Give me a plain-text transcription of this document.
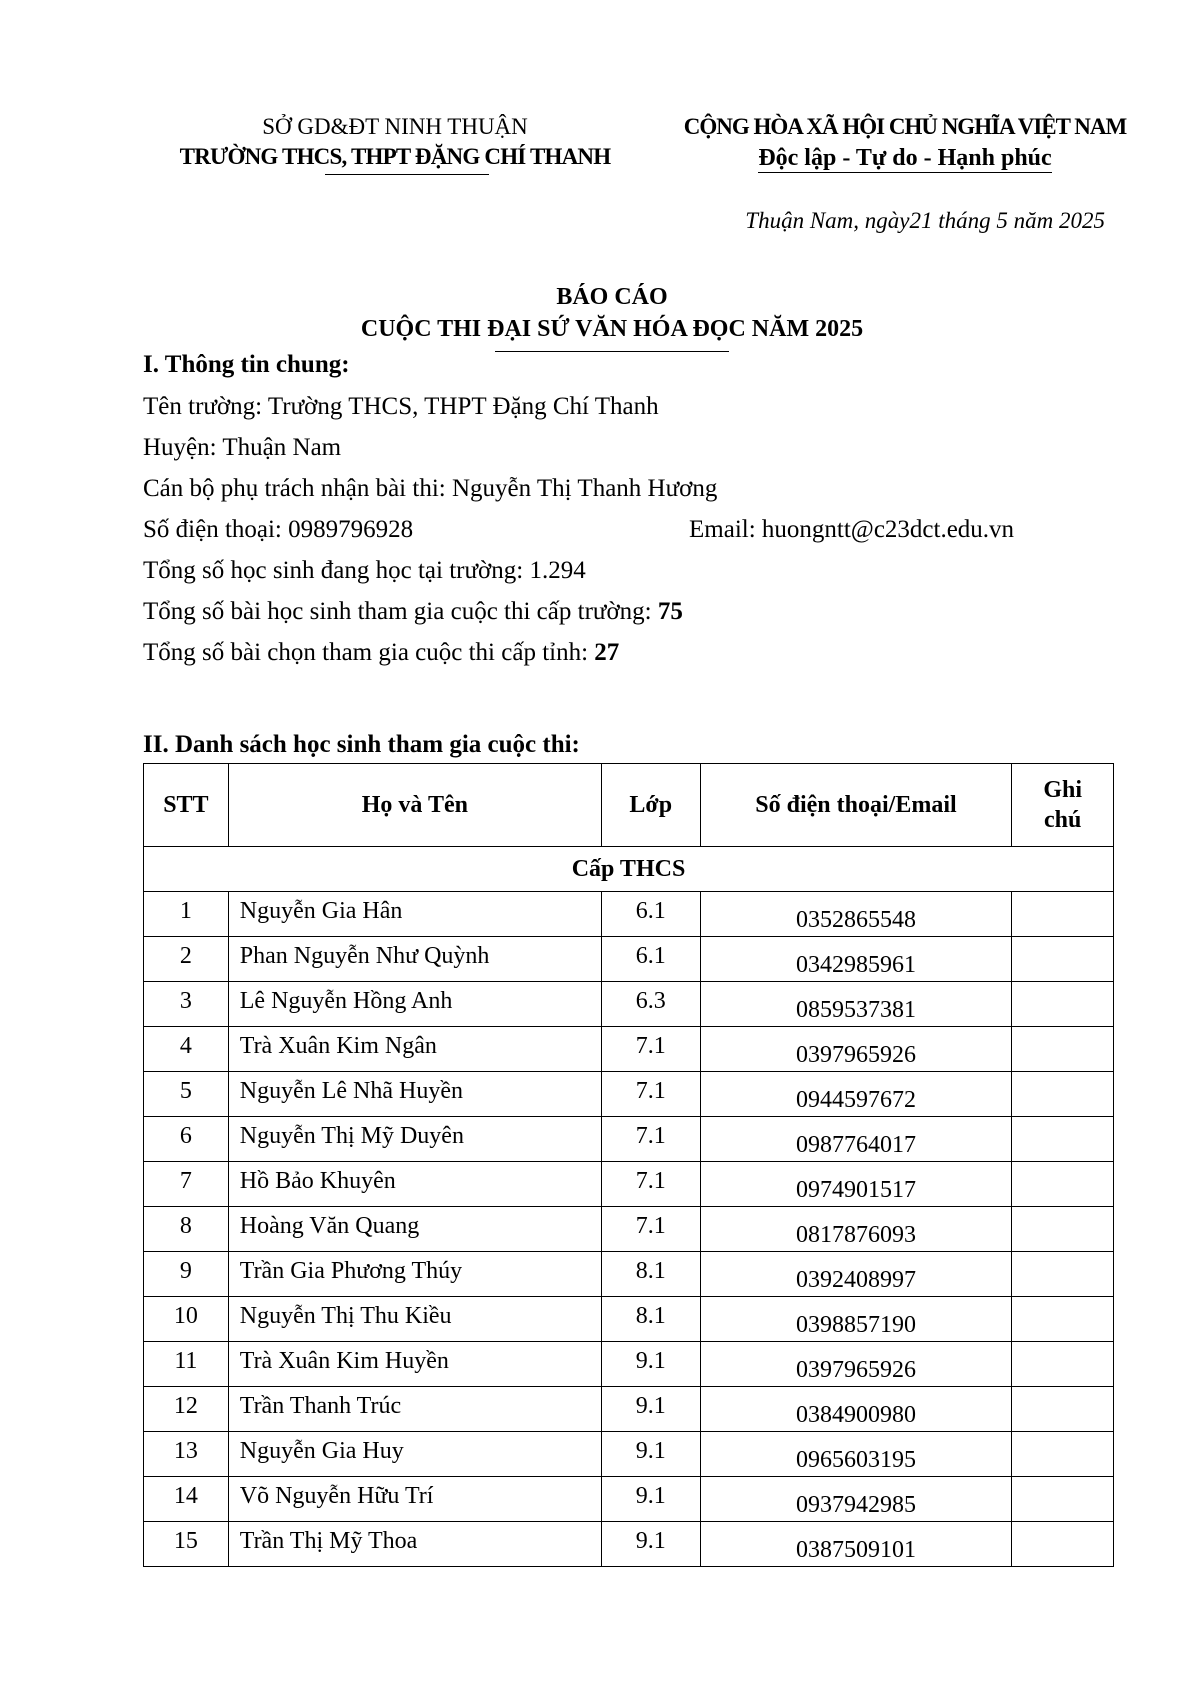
SỞ GD&ĐT NINH THUẬN
TRƯỜNG THCS, THPT ĐẶNG CHÍ THANH
CỘNG HÒA XÃ HỘI CHỦ NGHĨA VIỆT NAM
Độc lập - Tự do - Hạnh phúc
Thuận Nam, ngày21 tháng 5 năm 2025
BÁO CÁO
CUỘC THI ĐẠI SỨ VĂN HÓA ĐỌC NĂM 2025
I. Thông tin chung:
Tên trường: Trường THCS, THPT Đặng Chí Thanh
Huyện: Thuận Nam
Cán bộ phụ trách nhận bài thi: Nguyễn Thị Thanh Hương
Số điện thoại: 0989796928	Email: huongntt@c23dct.edu.vn
Tổng số học sinh đang học tại trường: 1.294
Tổng số bài học sinh tham gia cuộc thi cấp trường: 75
Tổng số bài chọn tham gia cuộc thi cấp tỉnh: 27
II. Danh sách học sinh tham gia cuộc thi:
STT	Họ và Tên	Lớp	Số điện thoại/Email	Ghi
chú

Cấp THCS				
1	Nguyễn Gia Hân	6.1	0352865548	
2	Phan Nguyễn Như Quỳnh	6.1	0342985961	
3	Lê Nguyễn Hồng Anh	6.3	0859537381	
4	Trà Xuân Kim Ngân	7.1	0397965926	
5	Nguyễn Lê Nhã Huyền	7.1	0944597672	
6	Nguyễn Thị Mỹ Duyên	7.1	0987764017	
7	Hồ Bảo Khuyên	7.1	0974901517	
8	Hoàng Văn Quang	7.1	0817876093	
9	Trần Gia Phương Thúy	8.1	0392408997	
10	Nguyễn Thị Thu Kiều	8.1	0398857190	
11	Trà Xuân Kim Huyền	9.1	0397965926	
12	Trần Thanh Trúc	9.1	0384900980	
13	Nguyễn Gia Huy	9.1	0965603195	
14	Võ Nguyễn Hữu Trí	9.1	0937942985	
15	Trần Thị Mỹ Thoa	9.1	0387509101	
